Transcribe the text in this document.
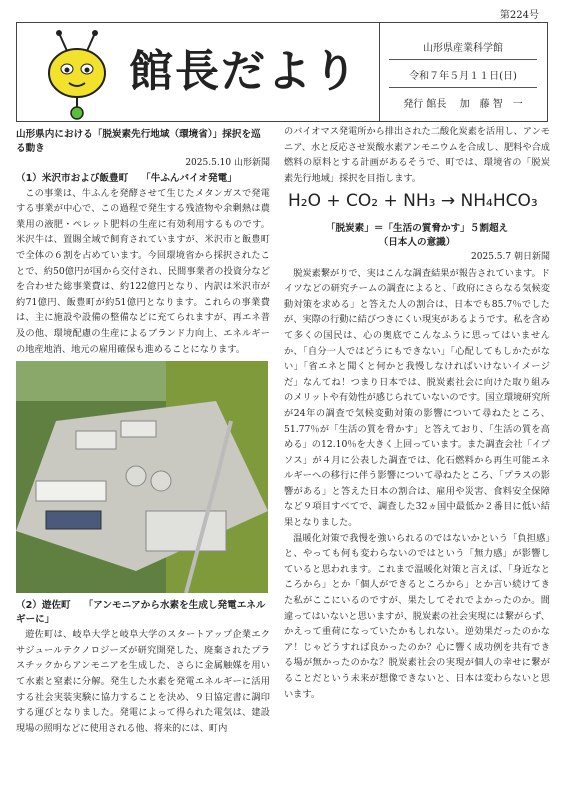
第224号
館長だより	山形県産業科学館
令和７年５月１１日(日)
発行 館長　 加　藤 智　一
山形県内における「脱炭素先行地域（環境省）」採択を巡る動き
2025.5.10 山形新聞
（1）米沢市および飯豊町　 「牛ふんバイオ発電」

この事業は、牛ふんを発酵させて生じたメタンガスで発電する事業が中心で、この過程で発生する残渣物や余剰熱は農業用の液肥・ペレット肥料の生産に有効利用するものです。米沢牛は、置賜全域で飼育されていますが、米沢市と飯豊町で全体の６割を占めています。今回環境省から採択されたことで、約50億円が国から交付され、民間事業者の投資分などを合わせた総事業費は、約122億円となり、内訳は米沢市が約71億円、飯豊町が約51億円となります。これらの事業費は、主に施設や設備の整備などに充てられますが、再エネ普及の他、環境配慮の生産によるブランド力向上、エネルギーの地産地消、地元の雇用確保も進めることになります。

（2）遊佐町　 「アンモニアから水素を生成し発電エネルギーに」

遊佐町は、岐阜大学と岐阜大学のスタートアップ企業エクサジュールテクノロジーズが研究開発した、廃棄されたプラスチックからアンモニアを生成した、さらに金属触媒を用いて水素と窒素に分解。発生した水素を発電エネルギーに活用する社会実装実験に協力することを決め、９日協定書に調印する運びとなりました。発電によって得られた電気は、建設現場の照明などに使用される他、将来的には、町内

のバイオマス発電所から排出された二酸化炭素を活用し、アンモニア、水と反応させ炭酸水素アンモニウムを合成し、肥料や合成燃料の原料とする計画があるそうで、町では、環境省の「脱炭素先行地域」採択を目指します。

H₂O + CO₂ + NH₃ → NH₄HCO₃
「脱炭素」＝「生活の質脅かす」５割超え
（日本人の意識）
2025.5.7 朝日新聞

脱炭素繋がりで、実はこんな調査結果が報告されています。ドイツなどの研究チームの調査によると、「政府にさらなる気候変動対策を求める」と答えた人の割合は、日本でも85.7％でしたが、実際の行動に結びつきにくい現実があるようです。私を含めて多くの国民は、心の奥底でこんなふうに思ってはいませんか、「自分一人ではどうにもできない」「心配してもしかたがない」「省エネと聞くと何かと我慢しなければいけないイメージだ」なんてね！つまり日本では、脱炭素社会に向けた取り組みのメリットや有効性が感じられていないのです。国立環境研究所が24年の調査で気候変動対策の影響について尋ねたところ、51.77％が「生活の質を脅かす」と答えており、「生活の質を高める」の12.10％を大きく上回っています。また調査会社「イプソス」が４月に公表した調査では、化石燃料から再生可能エネルギーへの移行に伴う影響について尋ねたところ、「プラスの影響がある」と答えた日本の割合は、雇用や災害、食料安全保障など９項目すべてで、調査した32ヵ国中最低か２番目に低い結果となりました。

温暖化対策で我慢を強いられるのではないかという「負担感」と、やっても何も変わらないのではという「無力感」が影響していると思われます。これまで温暖化対策と言えば、「身近なところから」とか「個人ができるところから」とか言い続けてきた私がここにいるのですが、果たしてそれでよかったのか。間違ってはいないと思いますが、脱炭素の社会実現には繋がらず、かえって重荷になっていたかもしれない。逆効果だったのかなア！じゃどうすれば良かったのか？心に響く成功例を共有できる場が無かったのかな？脱炭素社会の実現が個人の幸せに繋がることだという未来が想像できないと、日本は変わらないと思います。
